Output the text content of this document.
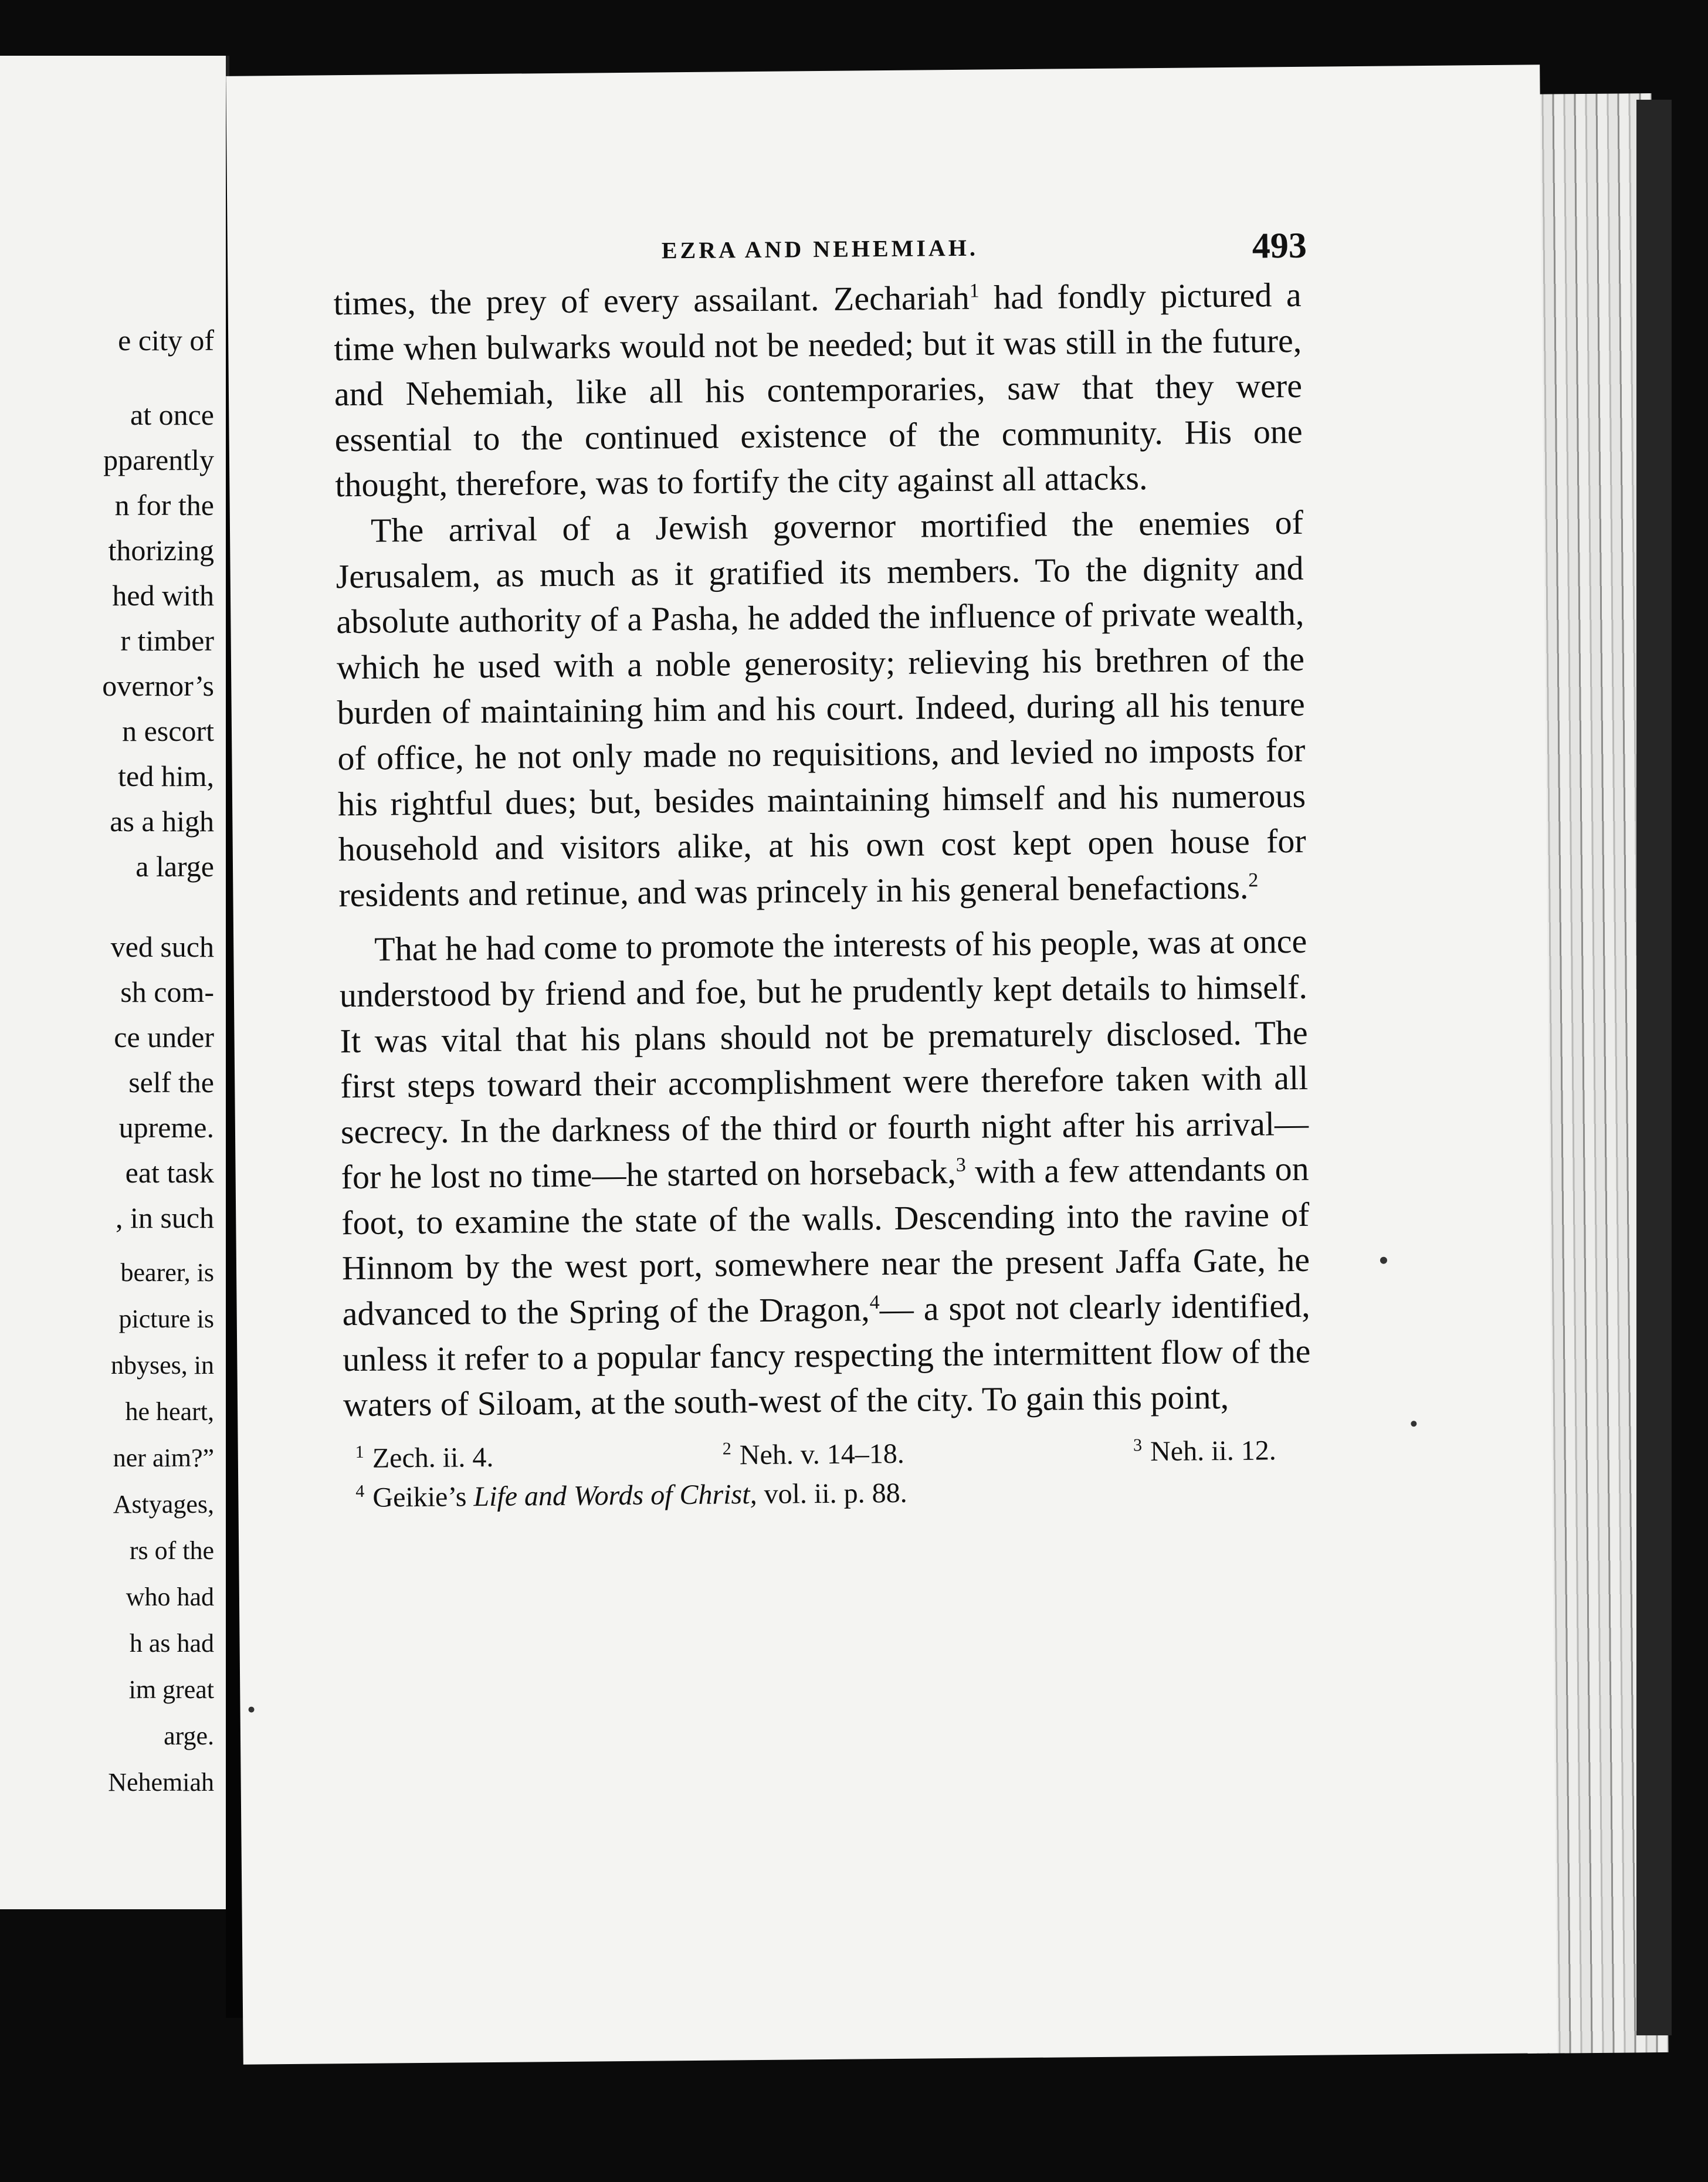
e city of
at once
pparently
n for the
thorizing
hed with
r timber
overnor’s
n escort
ted him,
as a high
a large
ved such
sh com-
ce under
self the
upreme.
eat task
, in such
bearer, is
picture is
nbyses, in
he heart,
ner aim?”
Astyages,
rs of the
who had
h as had
im great
arge.
Nehemiah
EZRA AND NEHEMIAH.	493

times, the prey of every assailant. Zechariah$^1$ had fondly pictured a time when bulwarks would not be needed; but it was still in the future, and Nehemiah, like all his contemporaries, saw that they were essential to the continued existence of the community. His one thought, therefore, was to fortify the city against all attacks.

The arrival of a Jewish governor mortified the enemies of Jerusalem, as much as it gratified its members. To the dignity and absolute authority of a Pasha, he added the influence of private wealth, which he used with a noble generosity; relieving his brethren of the burden of maintaining him and his court. Indeed, during all his tenure of office, he not only made no requisitions, and levied no imposts for his rightful dues; but, besides maintaining himself and his numerous household and visitors alike, at his own cost kept open house for residents and retinue, and was princely in his general benefactions.$^2$

That he had come to promote the interests of his people, was at once understood by friend and foe, but he prudently kept details to himself. It was vital that his plans should not be prematurely disclosed. The first steps toward their accomplishment were therefore taken with all secrecy. In the darkness of the third or fourth night after his arrival—for he lost no time—he started on horseback,$^3$ with a few attendants on foot, to examine the state of the walls. Descending into the ravine of Hinnom by the west port, somewhere near the present Jaffa Gate, he advanced to the Spring of the Dragon,$^4$— a spot not clearly identified, unless it refer to a popular fancy respecting the intermittent flow of the waters of Siloam, at the south-west of the city. To gain this point,

$^1$ Zech. ii. 4.	$^2$ Neh. v. 14–18.	$^3$ Neh. ii. 12.
$^4$ Geikie’s Life and Words of Christ, vol. ii. p. 88.
